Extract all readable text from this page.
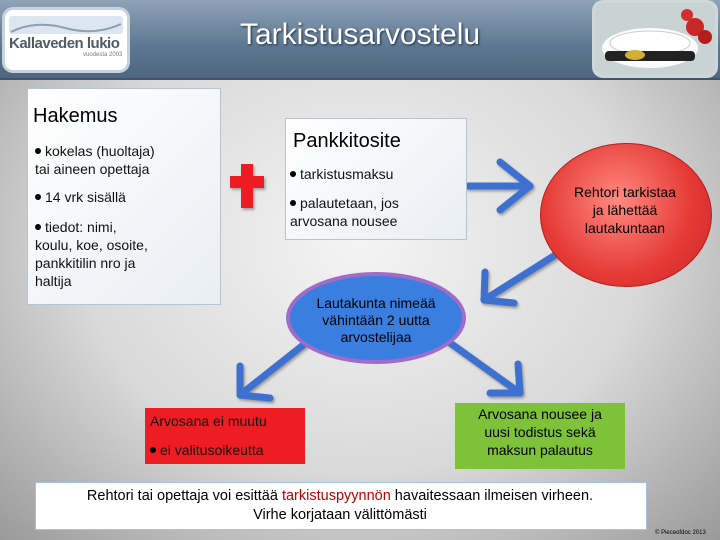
Tarkistusarvostelu
Kallaveden lukio
vuodesta 2003
Hakemus
kokelas (huoltaja)
tai aineen opettaja
14 vrk sisällä
tiedot: nimi,
koulu, koe, osoite,
pankkitilin nro ja
haltija
Pankkitosite
tarkistusmaksu
palautetaan, jos
arvosana nousee
Rehtori tarkistaa
ja lähettää
lautakuntaan
Lautakunta nimeää
vähintään 2 uutta
arvostelijaa
Arvosana ei muutu
ei valitusoikeutta
Arvosana nousee ja
uusi todistus sekä
maksun palautus
Rehtori tai opettaja voi esittää tarkistuspyynnön havaitessaan ilmeisen virheen.
Virhe korjataan välittömästi
© Pieceofdoc 2013
